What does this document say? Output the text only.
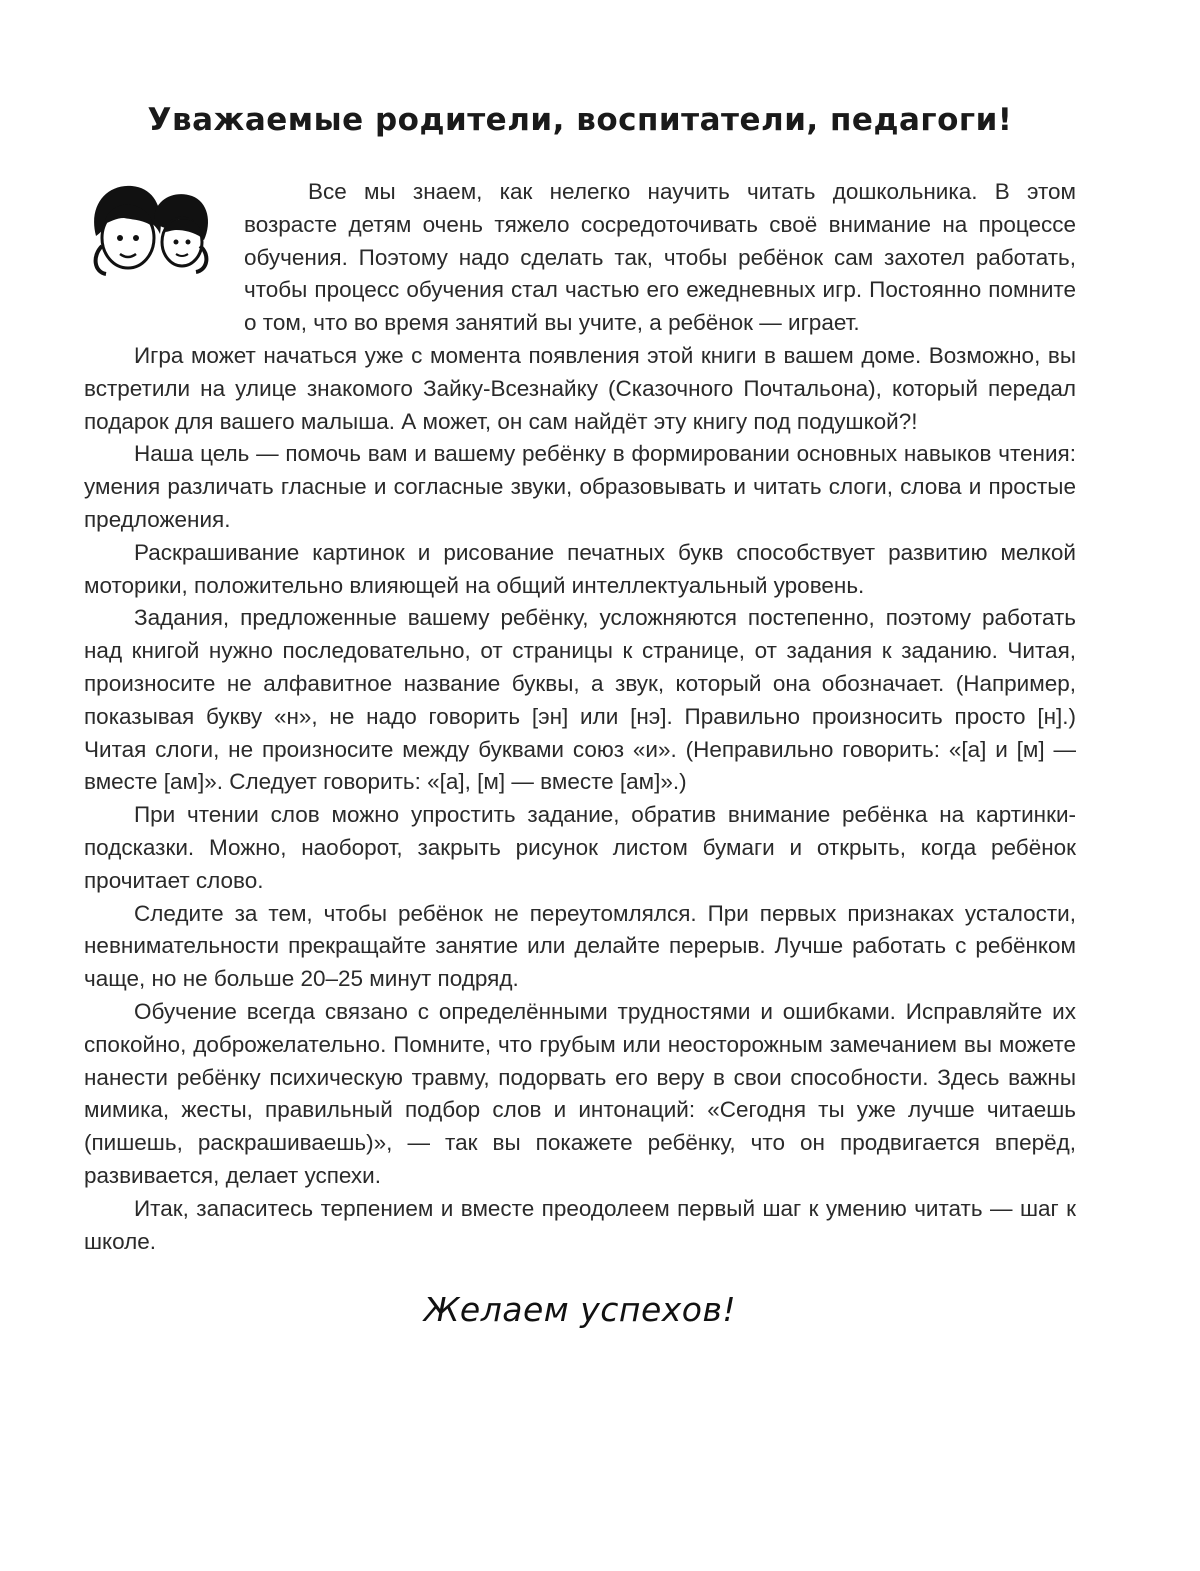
Уважаемые родители, воспитатели, педагоги!

Все мы знаем, как нелегко научить читать дошкольника. В этом возрасте детям очень тяжело сосредоточивать своё внимание на процессе обучения. Поэтому надо сделать так, чтобы ребёнок сам захотел работать, чтобы процесс обучения стал частью его ежедневных игр. Постоянно помните о том, что во время занятий вы учите, а ребёнок — играет.

Игра может начаться уже с момента появления этой книги в вашем доме. Возможно, вы встретили на улице знакомого Зайку-Всезнайку (Сказочного Почтальона), который передал подарок для вашего малыша. А может, он сам найдёт эту книгу под подушкой?!

Наша цель — помочь вам и вашему ребёнку в формировании основных навыков чтения: умения различать гласные и согласные звуки, образовывать и читать слоги, слова и простые предложения.

Раскрашивание картинок и рисование печатных букв способствует развитию мелкой моторики, положительно влияющей на общий интеллектуальный уровень.

Задания, предложенные вашему ребёнку, усложняются постепенно, поэтому работать над книгой нужно последовательно, от страницы к странице, от задания к заданию. Читая, произносите не алфавитное название буквы, а звук, который она обозначает. (Например, показывая букву «н», не надо говорить [эн] или [нэ]. Правильно произносить просто [н].) Читая слоги, не произносите между буквами союз «и». (Неправильно говорить: «[а] и [м] — вместе [ам]». Следует говорить: «[а], [м] — вместе [ам]».)

При чтении слов можно упростить задание, обратив внимание ребёнка на картинки-подсказки. Можно, наоборот, закрыть рисунок листом бумаги и открыть, когда ребёнок прочитает слово.

Следите за тем, чтобы ребёнок не переутомлялся. При первых признаках усталости, невнимательности прекращайте занятие или делайте перерыв. Лучше работать с ребёнком чаще, но не больше 20–25 минут подряд.

Обучение всегда связано с определёнными трудностями и ошибками. Исправляйте их спокойно, доброжелательно. Помните, что грубым или неосторожным замечанием вы можете нанести ребёнку психическую травму, подорвать его веру в свои способности. Здесь важны мимика, жесты, правильный подбор слов и интонаций: «Сегодня ты уже лучше читаешь (пишешь, раскрашиваешь)», — так вы покажете ребёнку, что он продвигается вперёд, развивается, делает успехи.

Итак, запаситесь терпением и вместе преодолеем первый шаг к умению читать — шаг к школе.

Желаем успехов!
